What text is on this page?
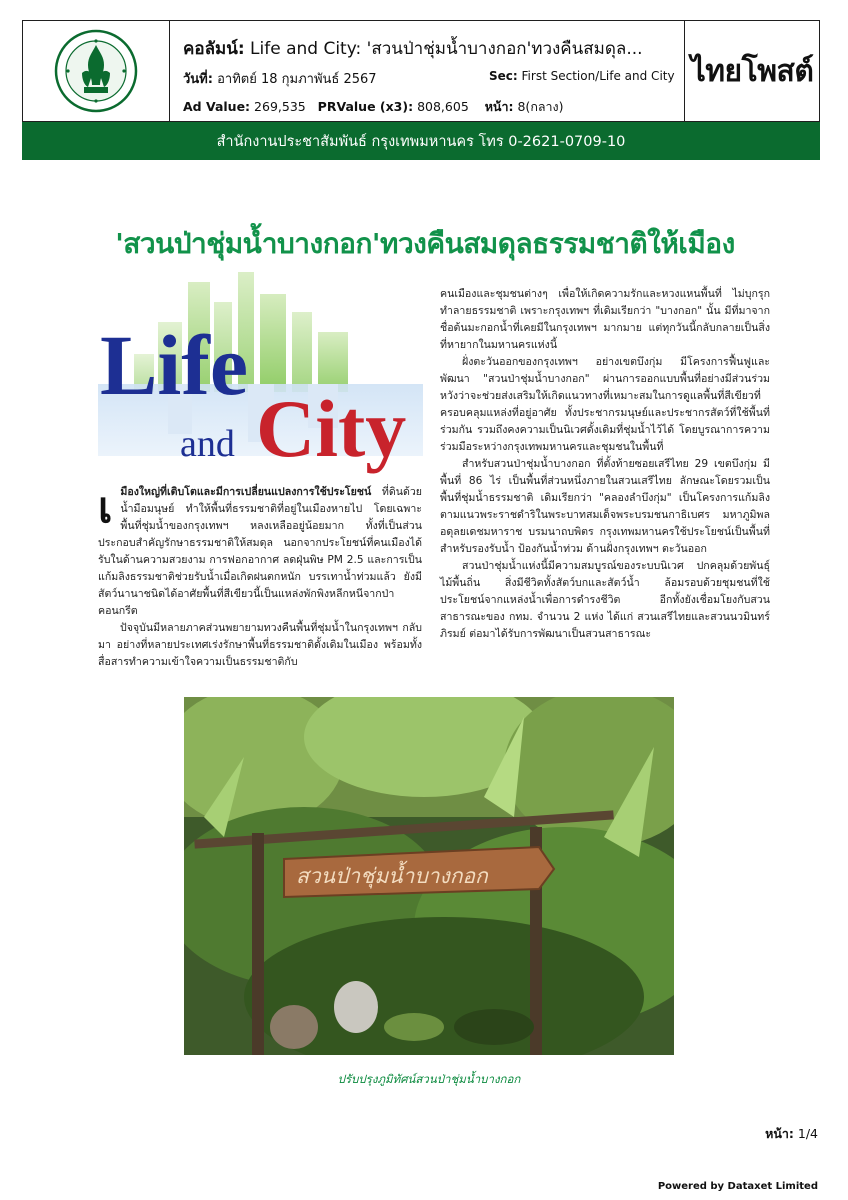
คอลัมน์: Life and City: 'สวนป่าชุ่มน้ำบางกอก'ทวงคืนสมดุล...
วันที่: อาทิตย์ 18 กุมภาพันธ์ 2567	Sec: First Section/Life and City
Ad Value: 269,535 PRValue (x3): 808,605 หน้า: 8(กลาง)
ไทยโพสต์
สำนักงานประชาสัมพันธ์ กรุงเทพมหานคร โทร 0-2621-0709-10
'สวนป่าชุ่มน้ำบางกอก'ทวงคืนสมดุลธรรมชาติให้เมือง
Life
and City

เ มืองใหญ่ที่เติบโตและมีการเปลี่ยนแปลงการใช้ประโยชน์ ที่ดินด้วยน้ำมือมนุษย์ ทำให้พื้นที่ธรรมชาติที่อยู่ในเมืองหายไป โดยเฉพาะพื้นที่ชุ่มน้ำของกรุงเทพฯ หลงเหลืออยู่น้อยมาก ทั้งที่เป็นส่วนประกอบสำคัญรักษาธรรมชาติให้สมดุล นอกจากประโยชน์ที่คนเมืองได้รับในด้านความสวยงาม การฟอกอากาศ ลดฝุ่นพิษ PM 2.5 และการเป็นแก้มลิงธรรมชาติช่วยรับน้ำเมื่อเกิดฝนตกหนัก บรรเทาน้ำท่วมแล้ว ยังมีสัตว์นานาชนิดได้อาศัยพื้นที่สีเขียวนี้เป็นแหล่งพักพิงหลีกหนีจากป่าคอนกรีต

ปัจจุบันมีหลายภาคส่วนพยายามทวงคืนพื้นที่ชุ่มน้ำในกรุงเทพฯ กลับมา อย่างที่หลายประเทศเร่งรักษาพื้นที่ธรรมชาติดั้งเดิมในเมือง พร้อมทั้งสื่อสารทำความเข้าใจความเป็นธรรมชาติกับ

คนเมืองและชุมชนต่างๆ เพื่อให้เกิดความรักและหวงแหนพื้นที่ ไม่บุกรุกทำลายธรรมชาติ เพราะกรุงเทพฯ ที่เดิมเรียกว่า "บางกอก" นั้น มีที่มาจากชื่อต้นมะกอกน้ำที่เคยมีในกรุงเทพฯ มากมาย แต่ทุกวันนี้กลับกลายเป็นสิ่งที่หายากในมหานครแห่งนี้

ฝั่งตะวันออกของกรุงเทพฯ อย่างเขตบึงกุ่ม มีโครงการฟื้นฟูและพัฒนา "สวนป่าชุ่มน้ำบางกอก" ผ่านการออกแบบพื้นที่อย่างมีส่วนร่วม หวังว่าจะช่วยส่งเสริมให้เกิดแนวทางที่เหมาะสมในการดูแลพื้นที่สีเขียวที่ครอบคลุมแหล่งที่อยู่อาศัย ทั้งประชากรมนุษย์และประชากรสัตว์ที่ใช้พื้นที่ร่วมกัน รวมถึงคงความเป็นนิเวศดั้งเดิมที่ชุ่มน้ำไว้ได้ โดยบูรณาการความร่วมมือระหว่างกรุงเทพมหานครและชุมชนในพื้นที่

สำหรับสวนป่าชุ่มน้ำบางกอก ที่ตั้งท้ายซอยเสรีไทย 29 เขตบึงกุ่ม มีพื้นที่ 86 ไร่ เป็นพื้นที่ส่วนหนึ่งภายในสวนเสรีไทย ลักษณะโดยรวมเป็นพื้นที่ชุ่มน้ำธรรมชาติ เดิมเรียกว่า "คลองลำบึงกุ่ม" เป็นโครงการแก้มลิงตามแนวพระราชดำริในพระบาทสมเด็จพระบรมชนกาธิเบศร มหาภูมิพลอดุลยเดชมหาราช บรมนาถบพิตร กรุงเทพมหานครใช้ประโยชน์เป็นพื้นที่สำหรับรองรับน้ำ ป้องกันน้ำท่วม ด้านฝั่งกรุงเทพฯ ตะวันออก

สวนป่าชุ่มน้ำแห่งนี้มีความสมบูรณ์ของระบบนิเวศ ปกคลุมด้วยพันธุ์ไม้พื้นถิ่น สิ่งมีชีวิตทั้งสัตว์บกและสัตว์น้ำ ล้อมรอบด้วยชุมชนที่ใช้ประโยชน์จากแหล่งน้ำเพื่อการดำรงชีวิต อีกทั้งยังเชื่อมโยงกับสวนสาธารณะของ กทม. จำนวน 2 แห่ง ได้แก่ สวนเสรีไทยและสวนนวมินทร์ภิรมย์ ต่อมาได้รับการพัฒนาเป็นสวนสาธารณะ

สวนป่าชุ่มน้ำบางกอก
ปรับปรุงภูมิทัศน์สวนป่าชุ่มน้ำบางกอก
หน้า: 1/4
Powered by Dataxet Limited
